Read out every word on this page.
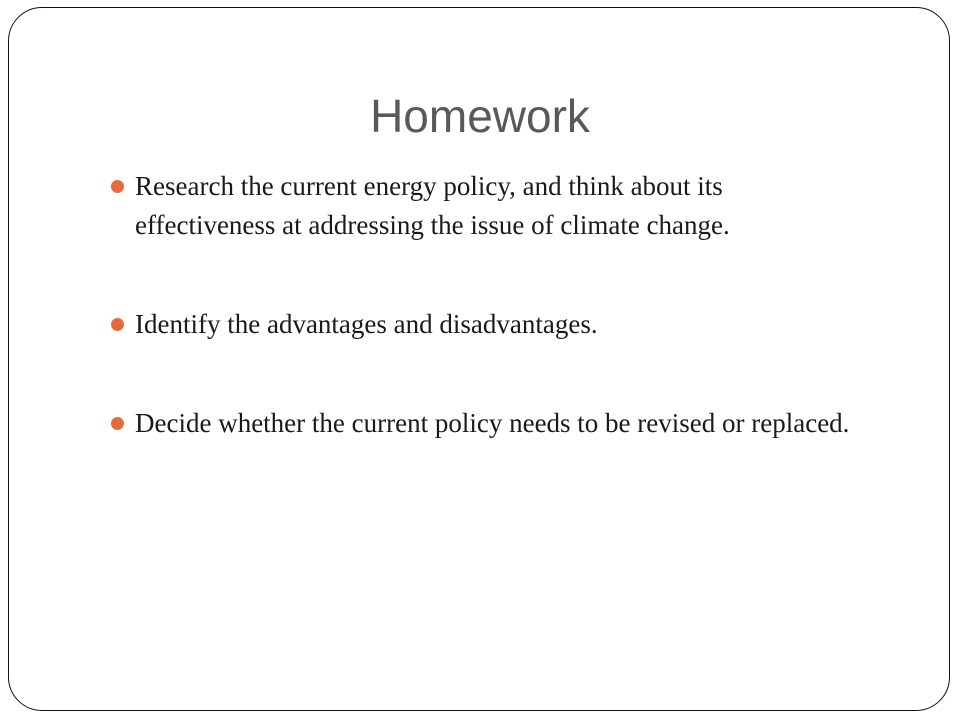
Homework
Research the current energy policy, and think about its effectiveness at addressing the issue of climate change.
Identify the advantages and disadvantages.
Decide whether the current policy needs to be revised or replaced.
